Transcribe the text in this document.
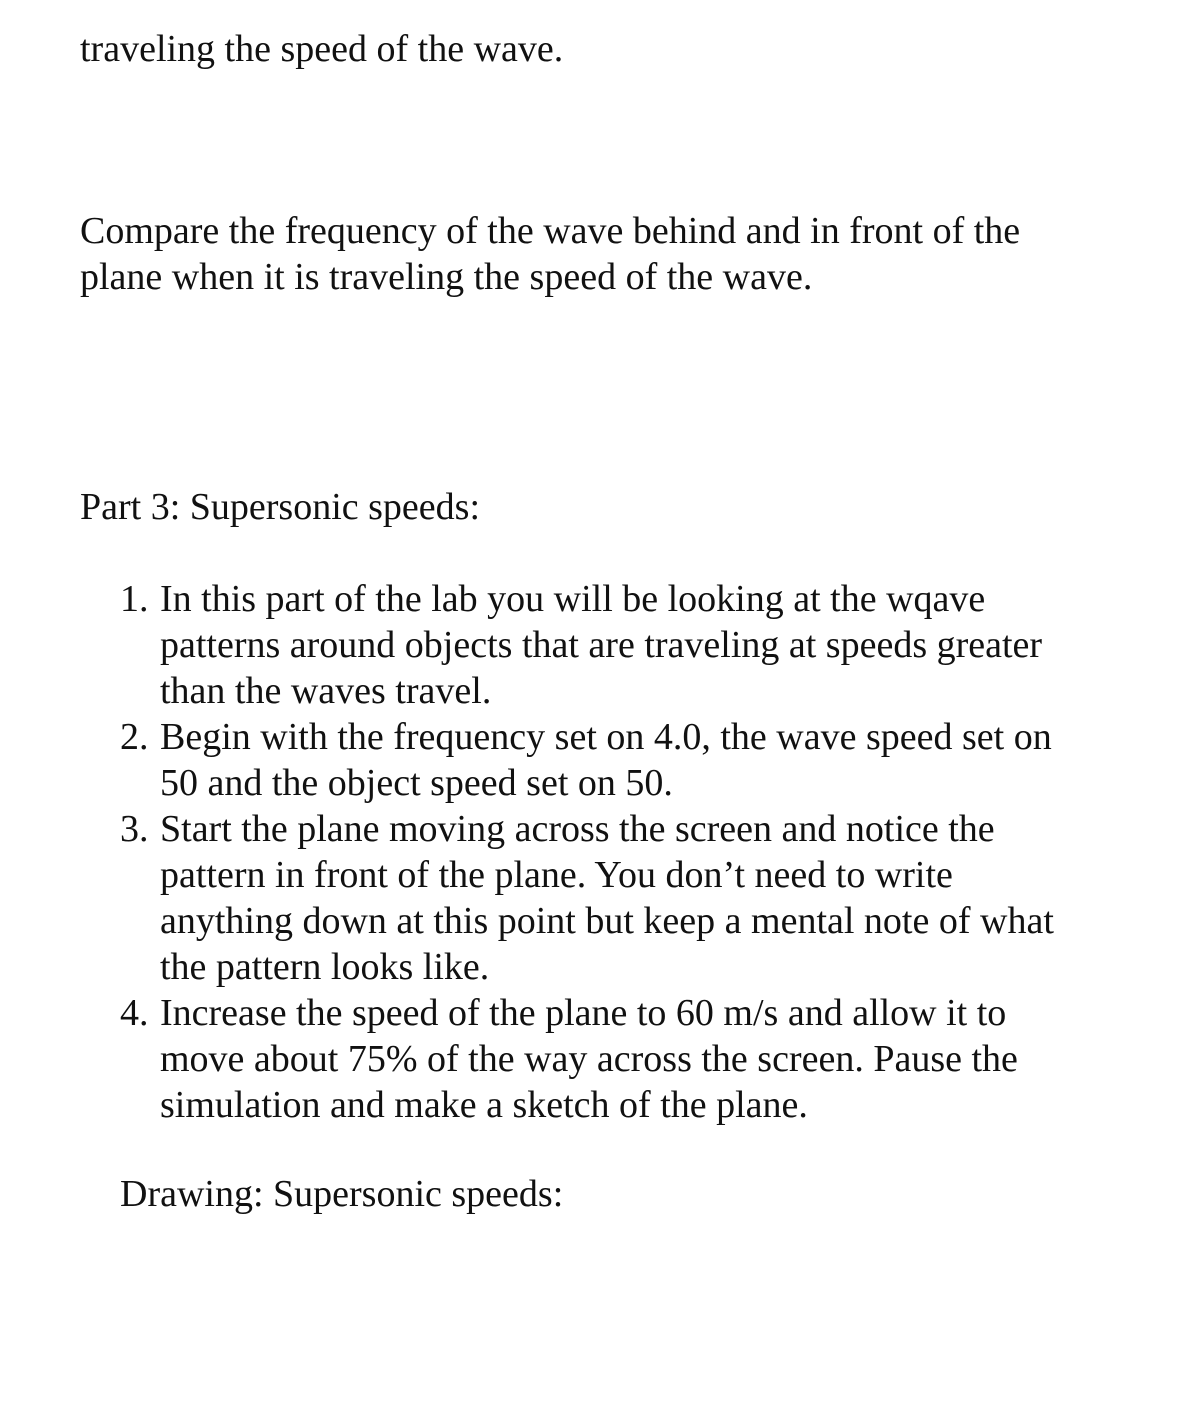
traveling the speed of the wave.
Compare the frequency of the wave behind and in front of the
plane when it is traveling the speed of the wave.
Part 3: Supersonic speeds:
1. In this part of the lab you will be looking at the wqave
patterns around objects that are traveling at speeds greater
than the waves travel.
2. Begin with the frequency set on 4.0, the wave speed set on
50 and the object speed set on 50.
3. Start the plane moving across the screen and notice the
pattern in front of the plane. You don’t need to write
anything down at this point but keep a mental note of what
the pattern looks like.
4. Increase the speed of the plane to 60 m/s and allow it to
move about 75% of the way across the screen. Pause the
simulation and make a sketch of the plane.
Drawing: Supersonic speeds:
